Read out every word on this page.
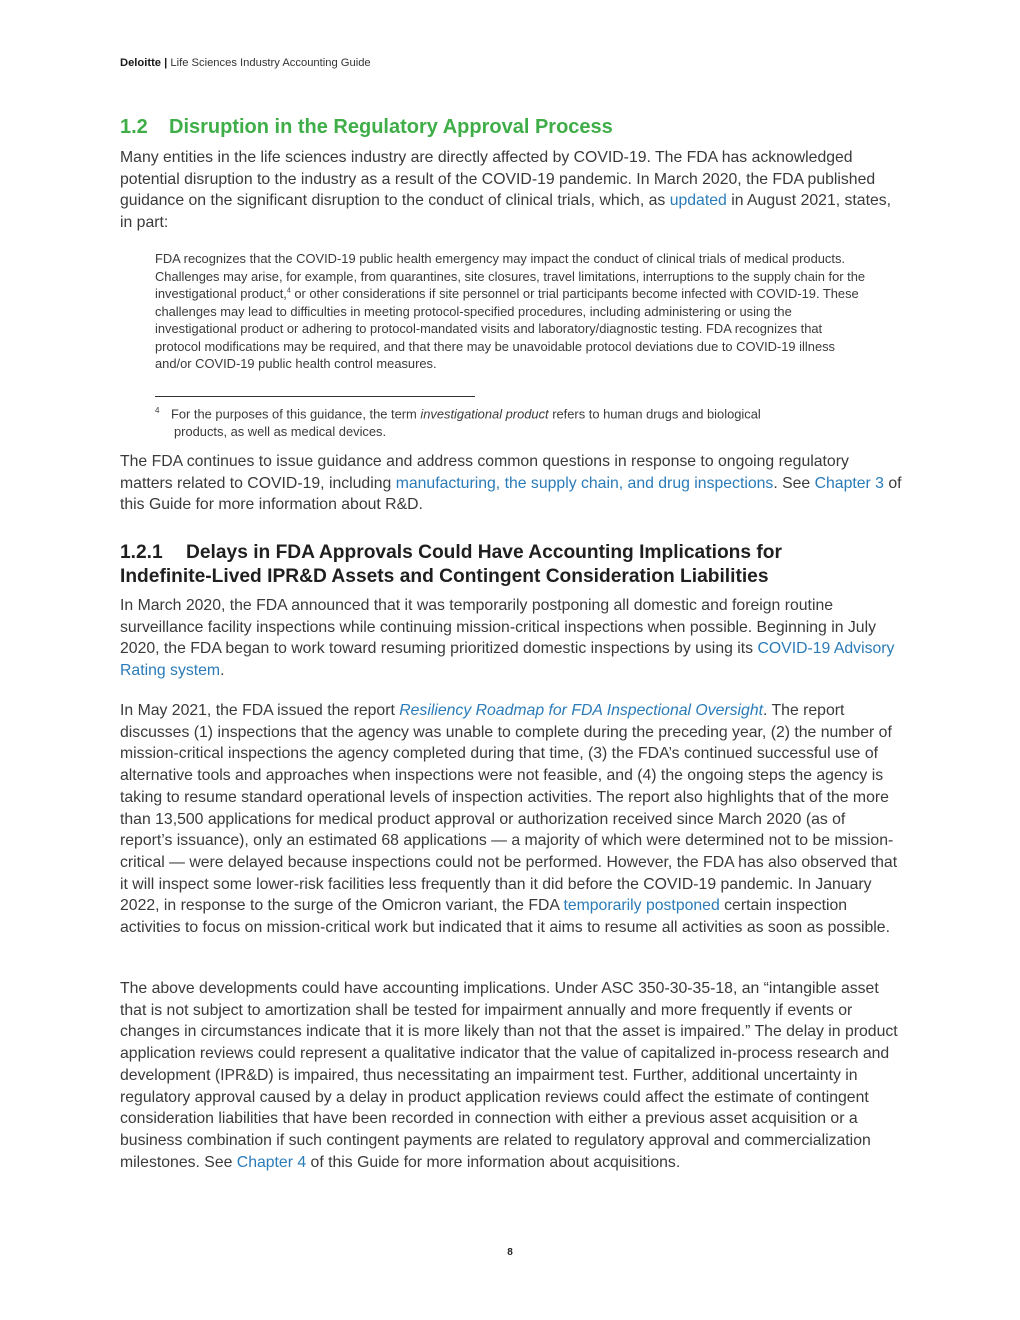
Deloitte | Life Sciences Industry Accounting Guide
1.2 Disruption in the Regulatory Approval Process

Many entities in the life sciences industry are directly affected by COVID-19. The FDA has acknowledged potential disruption to the industry as a result of the COVID-19 pandemic. In March 2020, the FDA published guidance on the significant disruption to the conduct of clinical trials, which, as updated in August 2021, states, in part:

FDA recognizes that the COVID-19 public health emergency may impact the conduct of clinical trials of medical products. Challenges may arise, for example, from quarantines, site closures, travel limitations, interruptions to the supply chain for the investigational product,$^4$ or other considerations if site personnel or trial participants become infected with COVID-19. These challenges may lead to difficulties in meeting protocol-specified procedures, including administering or using the investigational product or adhering to protocol-mandated visits and laboratory/diagnostic testing. FDA recognizes that protocol modifications may be required, and that there may be unavoidable protocol deviations due to COVID-19 illness and/or COVID-19 public health control measures.

4 For the purposes of this guidance, the term investigational product refers to human drugs and biological
products, as well as medical devices.

The FDA continues to issue guidance and address common questions in response to ongoing regulatory matters related to COVID-19, including manufacturing, the supply chain, and drug inspections. See Chapter 3 of this Guide for more information about R&D.

1.2.1 Delays in FDA Approvals Could Have Accounting Implications for
Indefinite-Lived IPR&D Assets and Contingent Consideration Liabilities

In March 2020, the FDA announced that it was temporarily postponing all domestic and foreign routine surveillance facility inspections while continuing mission-critical inspections when possible. Beginning in July 2020, the FDA began to work toward resuming prioritized domestic inspections by using its COVID-19 Advisory Rating system.

In May 2021, the FDA issued the report Resiliency Roadmap for FDA Inspectional Oversight. The report discusses (1) inspections that the agency was unable to complete during the preceding year, (2) the number of mission-critical inspections the agency completed during that time, (3) the FDA’s continued successful use of alternative tools and approaches when inspections were not feasible, and (4) the ongoing steps the agency is taking to resume standard operational levels of inspection activities. The report also highlights that of the more than 13,500 applications for medical product approval or authorization received since March 2020 (as of report’s issuance), only an estimated 68 applications — a majority of which were determined not to be mission-critical — were delayed because inspections could not be performed. However, the FDA has also observed that it will inspect some lower-risk facilities less frequently than it did before the COVID-19 pandemic. In January 2022, in response to the surge of the Omicron variant, the FDA temporarily postponed certain inspection activities to focus on mission-critical work but indicated that it aims to resume all activities as soon as possible.

The above developments could have accounting implications. Under ASC 350-30-35-18, an “intangible asset that is not subject to amortization shall be tested for impairment annually and more frequently if events or changes in circumstances indicate that it is more likely than not that the asset is impaired.” The delay in product application reviews could represent a qualitative indicator that the value of capitalized in-process research and development (IPR&D) is impaired, thus necessitating an impairment test. Further, additional uncertainty in regulatory approval caused by a delay in product application reviews could affect the estimate of contingent consideration liabilities that have been recorded in connection with either a previous asset acquisition or a business combination if such contingent payments are related to regulatory approval and commercialization milestones. See Chapter 4 of this Guide for more information about acquisitions.

8
